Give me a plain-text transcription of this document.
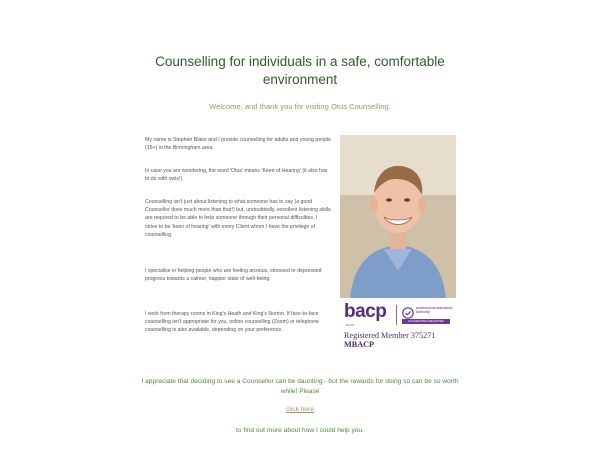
Counselling for individuals in a safe, comfortable environment

Welcome, and thank you for visiting Otus Counselling.

My name is Stephen Blake and I provide counselling for adults and young people (16+) in the Birmingham area.

In case you are wondering, the word 'Otus' means 'Keen of Hearing' (it also has to do with owls!).

Counselling isn't just about listening to what someone has to say (a good Counsellor does much more than that!) but, undoubtedly, excellent listening skills are required to be able to help someone through their personal difficulties. I strive to be 'keen of hearing' with every Client whom I have the privilege of counselling.

I specialise in helping people who are feeling anxious, stressed or depressed progress towards a calmer, happier state of well-being.

I work from therapy rooms in King's Heath and King's Norton. If face-to-face counselling isn't appropriate for you, online counselling (Zoom) or telephone counselling is also available, depending on your preference.

bacp
BACP
professional standards authority
ACCREDITED REGISTER
Registered Member 375271
MBACP

I appreciate that deciding to see a Counsellor can be daunting - but the rewards for doing so can be so worth while! Please

click here

to find out more about how I could help you.
